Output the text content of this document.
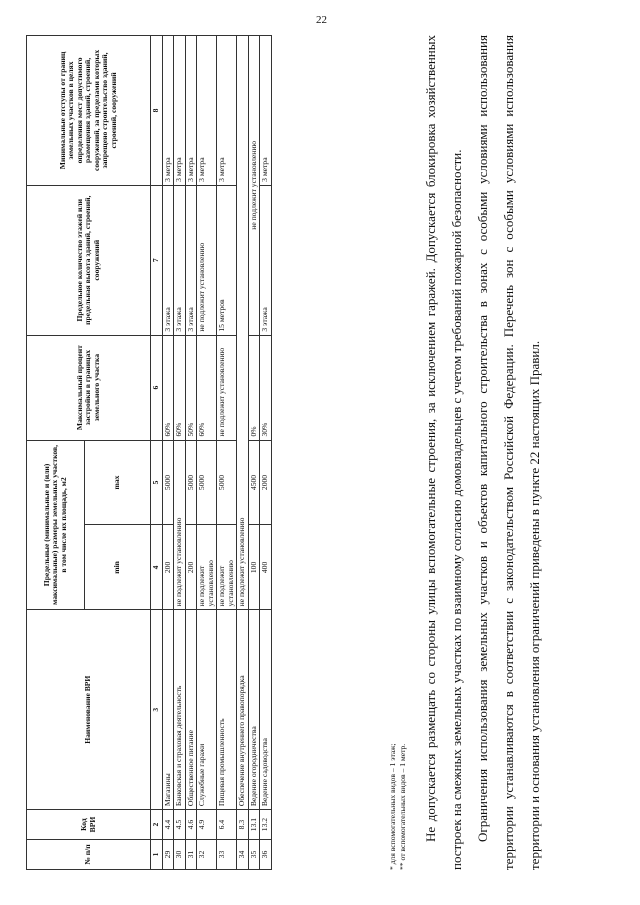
22
№ п/п	Код ВРИ	Наименование ВРИ	Предельные (минимальные и (или) максимальные) размеры земельных участков, в том числе их площадь, м2		Максимальный процент застройки в границах земельного участка	Предельное количество этажей или предельная высота зданий, строений, сооружений	Минимальные отступы от границ земельных участков в целях определения мест допустимого размещения зданий, строений, сооружений, за пределами которых запрещено строительство зданий, строений, сооружений
			min	max			
1	2	3	4	5	6	7	8
29	4.4	Магазины	200	5000	60%	3 этажа	3 метра
30	4.5	Банковская и страховая деятельность	не подлежит установлению		60%	3 этажа	3 метра
31	4.6	Общественное питание	200	5000	50%	3 этажа	3 метра
32	4.9	Служебные гаражи	не подлежит установлению	5000	60%	не подлежит установлению	3 метра
33	6.4	Пищевая промышленность	не подлежит установлению	5000	не подлежит установлению	15 метров	3 метра
34	8.3	Обеспечение внутреннего правопорядка	не подлежит установлению				
35	13.1	Ведение огородничества	100	4500	0%	не подлежит установлению	
36	13.2	Ведение садоводства	400	2000	30%	3 этажа	3 метра
* для вспомогательных видов – 1 этаж; ** от вспомогательных видов – 1 метр.	Не допускается размещать со стороны улицы вспомогательные строения, за исключением гаражей. Допускается блокировка хозяйственных построек на смежных земельных участках по взаимному согласию домовладельцев с учетом требований пожарной безопасности. Ограничения использования земельных участков и объектов капитального строительства в зонах с особыми условиями использования территории устанавливаются в соответствии с законодательством Российской Федерации. Перечень зон с особыми условиями использования территории и основания установления ограничений приведены в пункте 22 настоящих Правил.
